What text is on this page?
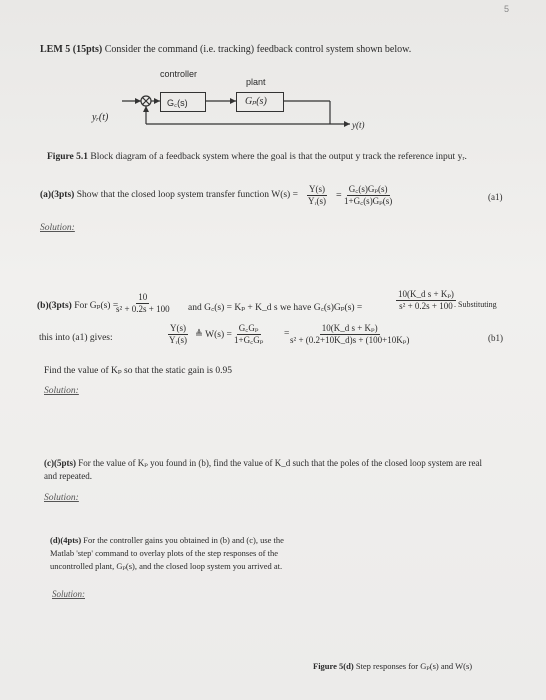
LEM 5 (15pts) Consider the command (i.e. tracking) feedback control system shown below.
5
controller
plant
G꜀(s)	Gₚ(s)
yᵣ(t)
y(t)
Figure 5.1 Block diagram of a feedback system where the goal is that the output y track the reference input yᵣ.
(a)(3pts) Show that the closed loop system transfer function $W(s) = \frac{Y(s)}{\text{Yᵣ(s)}} = \frac{\text{G꜀(s)Gₚ(s)}}{\text{1+G꜀(s)Gₚ(s)}}$	(a1)
Solution:
(b)(3pts) For Gₚ(s) =
$\frac{10}{\text{s² + 0.2s + 100}}$ and G꜀(s) = Kₚ + K_d s we have G꜀(s)Gₚ(s) =	$\frac{\text{10(K\_d s + Kₚ)}}{\text{s² + 0.2s + 100}}$
. Substituting
this into (a1) gives:	$\frac{Y(s)}{\text{Yᵣ(s)}}$ ≜ $W(s) = \frac{\text{G꜀Gₚ}}{\text{1+G꜀Gₚ}} = \frac{\text{10(K\_d s + Kₚ)}}{\text{s² + (0.2+10K\_d)s + (100+10Kₚ)}}$	(b1)
Find the value of Kₚ so that the static gain is 0.95
Solution:
(c)(5pts) For the value of Kₚ you found in (b), find the value of K_d such that the poles of the closed loop system are real
and repeated.
Solution:
(d)(4pts) For the controller gains you obtained in (b) and (c), use the
Matlab 'step' command to overlay plots of the step responses of the
uncontrolled plant, Gₚ(s), and the closed loop system you arrived at.
Solution:
Figure 5(d) Step responses for Gₚ(s) and W(s)
